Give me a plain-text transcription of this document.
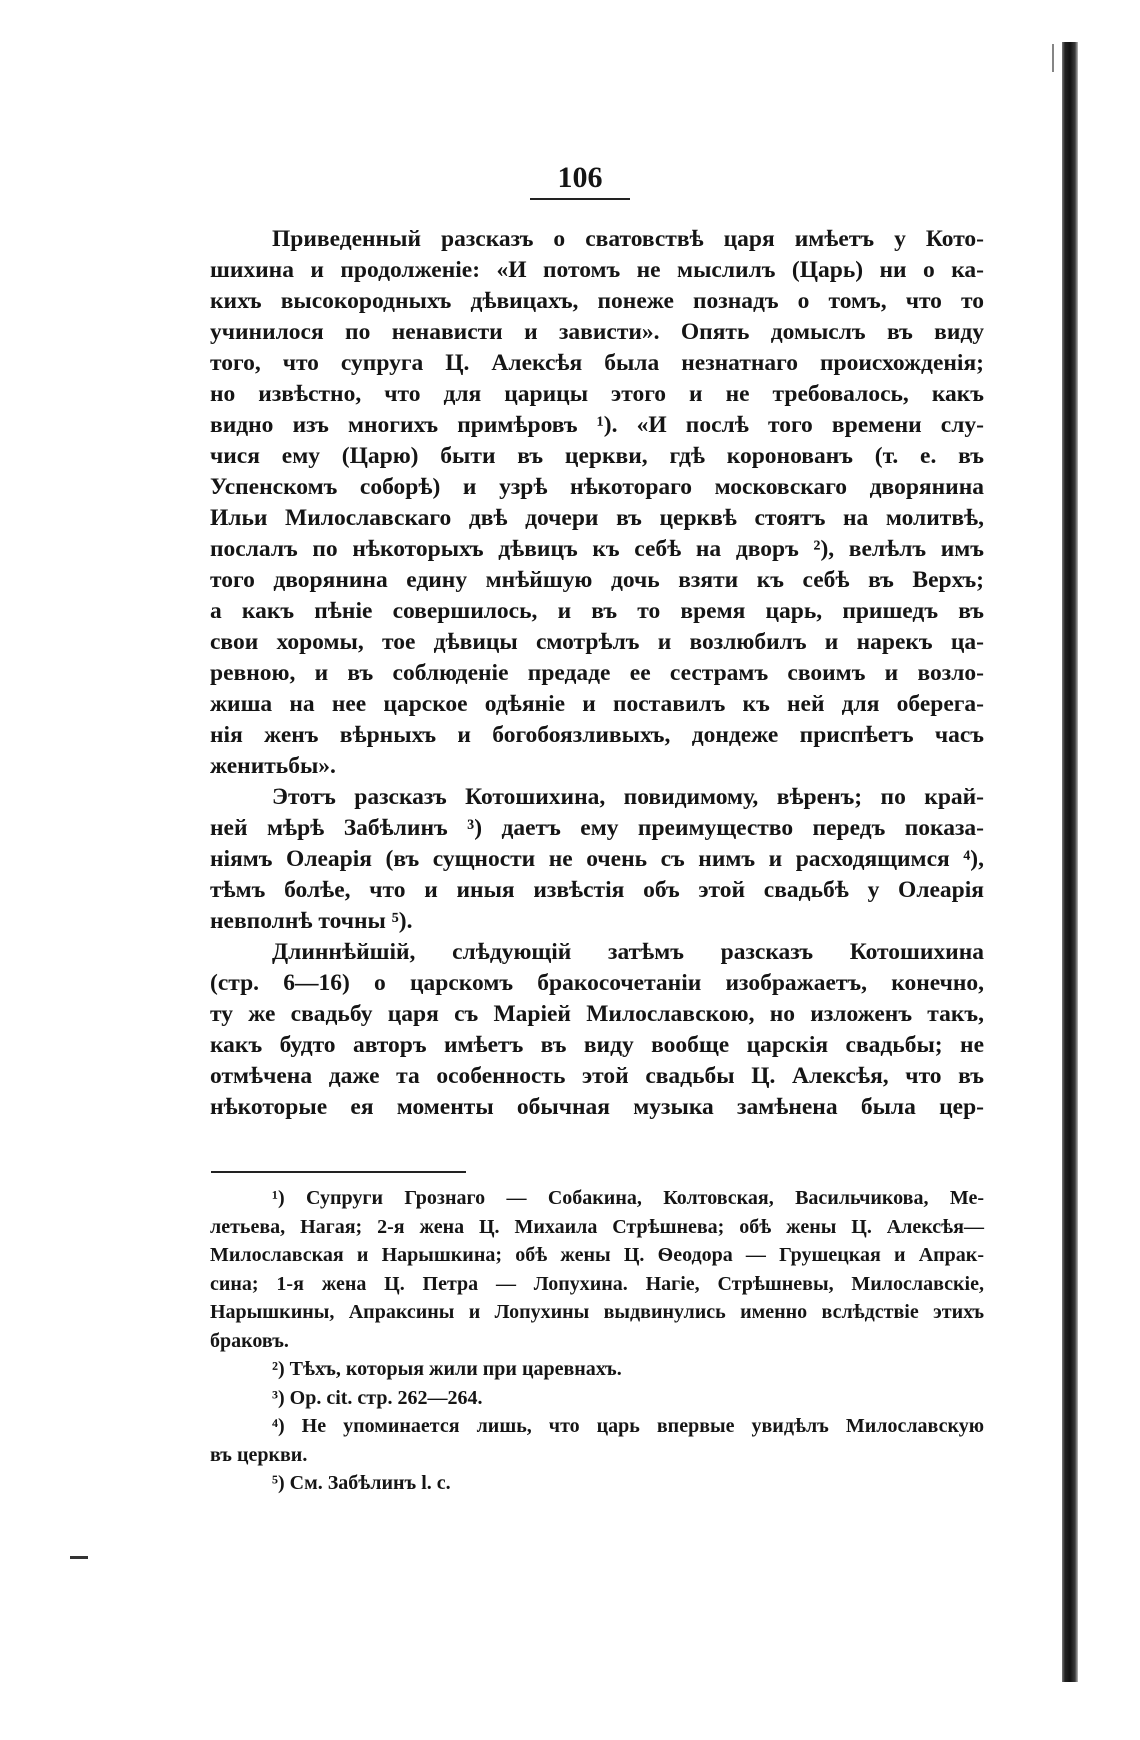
106
Приведенный разсказъ о сватовствѣ царя имѣетъ у Кото-
шихина и продолженіе: «И потомъ не мыслилъ (Царь) ни о ка-
кихъ высокородныхъ дѣвицахъ, понеже познадъ о томъ, что то
учинилося по ненависти и зависти». Опять домыслъ въ виду
того, что супруга Ц. Алексѣя была незнатнаго происхожденія;
но извѣстно, что для царицы этого и не требовалось, какъ
видно изъ многихъ примѣровъ ¹). «И послѣ того времени слу-
чися ему (Царю) быти въ церкви, гдѣ коронованъ (т. е. въ
Успенскомъ соборѣ) и узрѣ нѣкотораго московскаго дворянина
Ильи Милославскаго двѣ дочери въ церквѣ стоятъ на молитвѣ,
послалъ по нѣкоторыхъ дѣвицъ къ себѣ на дворъ ²), велѣлъ имъ
того дворянина едину мнѣйшую дочь взяти къ себѣ въ Верхъ;
а какъ пѣніе совершилось, и въ то время царь, пришедъ въ
свои хоромы, тое дѣвицы смотрѣлъ и возлюбилъ и нарекъ ца-
ревною, и въ соблюденіе предаде ее сестрамъ своимъ и возло-
жиша на нее царское одѣяніе и поставилъ къ ней для оберега-
нія женъ вѣрныхъ и богобоязливыхъ, дондеже приспѣетъ часъ
женитьбы».
Этотъ разсказъ Котошихина, повидимому, вѣренъ; по край-
ней мѣрѣ Забѣлинъ ³) даетъ ему преимущество передъ показа-
ніямъ Олеарія (въ сущности не очень съ нимъ и расходящимся ⁴),
тѣмъ болѣе, что и иныя извѣстія объ этой свадьбѣ у Олеарія
невполнѣ точны ⁵).
Длиннѣйшій, слѣдующій затѣмъ разсказъ Котошихина
(стр. 6—16) о царскомъ бракосочетаніи изображаетъ, конечно,
ту же свадьбу царя съ Маріей Милославскою, но изложенъ такъ,
какъ будто авторъ имѣетъ въ виду вообще царскія свадьбы; не
отмѣчена даже та особенность этой свадьбы Ц. Алексѣя, что въ
нѣкоторые ея моменты обычная музыка замѣнена была цер-
¹) Супруги Грознаго — Собакина, Колтовская, Васильчикова, Ме-
летьева, Нагая; 2-я жена Ц. Михаила Стрѣшнева; обѣ жены Ц. Алексѣя—
Милославская и Нарышкина; обѣ жены Ц. Ѳеодора — Грушецкая и Апрак-
сина; 1-я жена Ц. Петра — Лопухина. Нагіе, Стрѣшневы, Милославскіе,
Нарышкины, Апраксины и Лопухины выдвинулись именно вслѣдствіе этихъ
браковъ.
²) Тѣхъ, которыя жили при царевнахъ.
³) Op. cit. стр. 262—264.
⁴) Не упоминается лишь, что царь впервые увидѣлъ Милославскую
въ церкви.
⁵) См. Забѣлинъ l. c.
